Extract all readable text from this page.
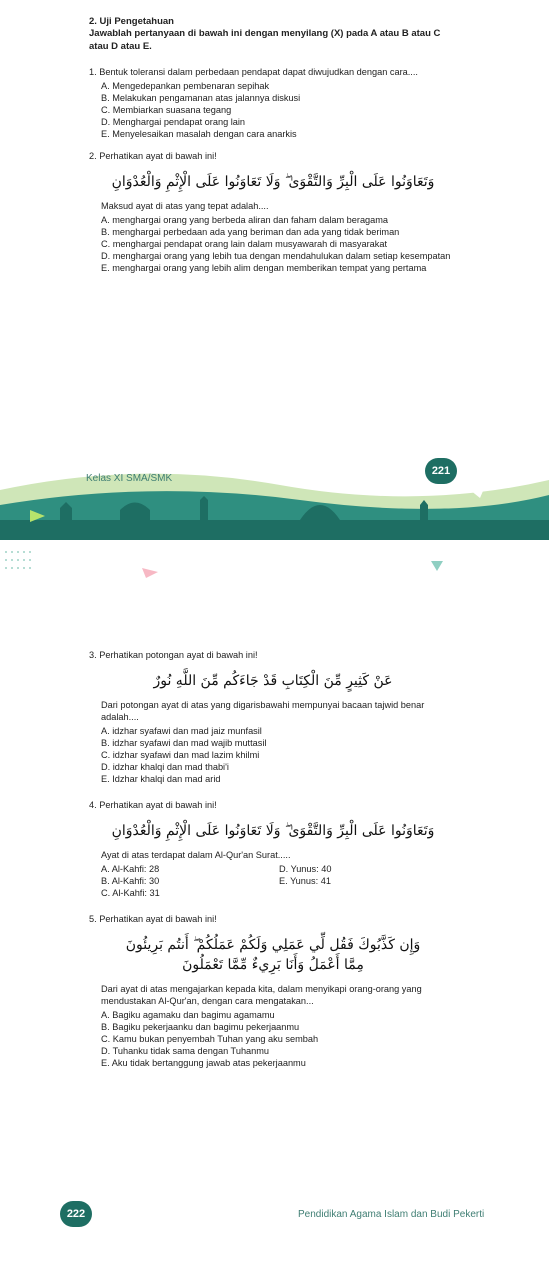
2. Uji Pengetahuan

Jawablah pertanyaan di bawah ini dengan menyilang (X) pada A atau B atau C atau D atau E.

1. Bentuk toleransi dalam perbedaan pendapat dapat diwujudkan dengan cara....

A. Mengedepankan pembenaran sepihak
B. Melakukan pengamanan atas jalannya diskusi
C. Membiarkan suasana tegang
D. Menghargai pendapat orang lain
E. Menyelesaikan masalah dengan cara anarkis

2. Perhatikan ayat di bawah ini!

وَتَعَاوَنُوا عَلَى الْبِرِّ وَالتَّقْوَىٰ ۖ وَلَا تَعَاوَنُوا عَلَى الْإِثْمِ وَالْعُدْوَانِ

Maksud ayat di atas yang tepat adalah....

A. menghargai orang yang berbeda aliran dan faham dalam beragama
B. menghargai perbedaan ada yang beriman dan ada yang tidak beriman
C. menghargai pendapat orang lain dalam musyawarah di masyarakat
D. menghargai orang yang lebih tua dengan mendahulukan dalam setiap kesempatan
E. menghargai orang yang lebih alim dengan memberikan tempat yang pertama
Kelas XI SMA/SMK
221

3. Perhatikan potongan ayat di bawah ini!

عَنْ كَثِيرٍ مِّنَ الْكِتَابِ قَدْ جَاءَكُم مِّنَ اللَّهِ نُورٌ

Dari potongan ayat di atas yang digarisbawahi mempunyai bacaan tajwid benar adalah....

A. idzhar syafawi dan mad jaiz munfasil
B. idzhar syafawi dan mad wajib muttasil
C. idzhar syafawi dan mad lazim khilmi
D. idzhar khalqi dan mad thabi'i
E. Idzhar khalqi dan mad arid

4. Perhatikan ayat di bawah ini!

وَتَعَاوَنُوا عَلَى الْبِرِّ وَالتَّقْوَىٰ ۖ وَلَا تَعَاوَنُوا عَلَى الْإِثْمِ وَالْعُدْوَانِ

Ayat di atas terdapat dalam Al-Qur'an Surat.....

A. Al-Kahfi: 28	D. Yunus: 40
B. Al-Kahfi: 30	E. Yunus: 41
C. Al-Kahfi: 31

5. Perhatikan ayat di bawah ini!

وَإِن كَذَّبُوكَ فَقُل لِّي عَمَلِي وَلَكُمْ عَمَلُكُمْ ۖ أَنتُم بَرِيئُونَ

مِمَّا أَعْمَلُ وَأَنَا بَرِيءٌ مِّمَّا تَعْمَلُونَ

Dari ayat di atas mengajarkan kepada kita, dalam menyikapi orang-orang yang mendustakan Al-Qur'an, dengan cara mengatakan...

A. Bagiku agamaku dan bagimu agamamu
B. Bagiku pekerjaanku dan bagimu pekerjaanmu
C. Kamu bukan penyembah Tuhan yang aku sembah
D. Tuhanku tidak sama dengan Tuhanmu
E. Aku tidak bertanggung jawab atas pekerjaanmu
222	Pendidikan Agama Islam dan Budi Pekerti
